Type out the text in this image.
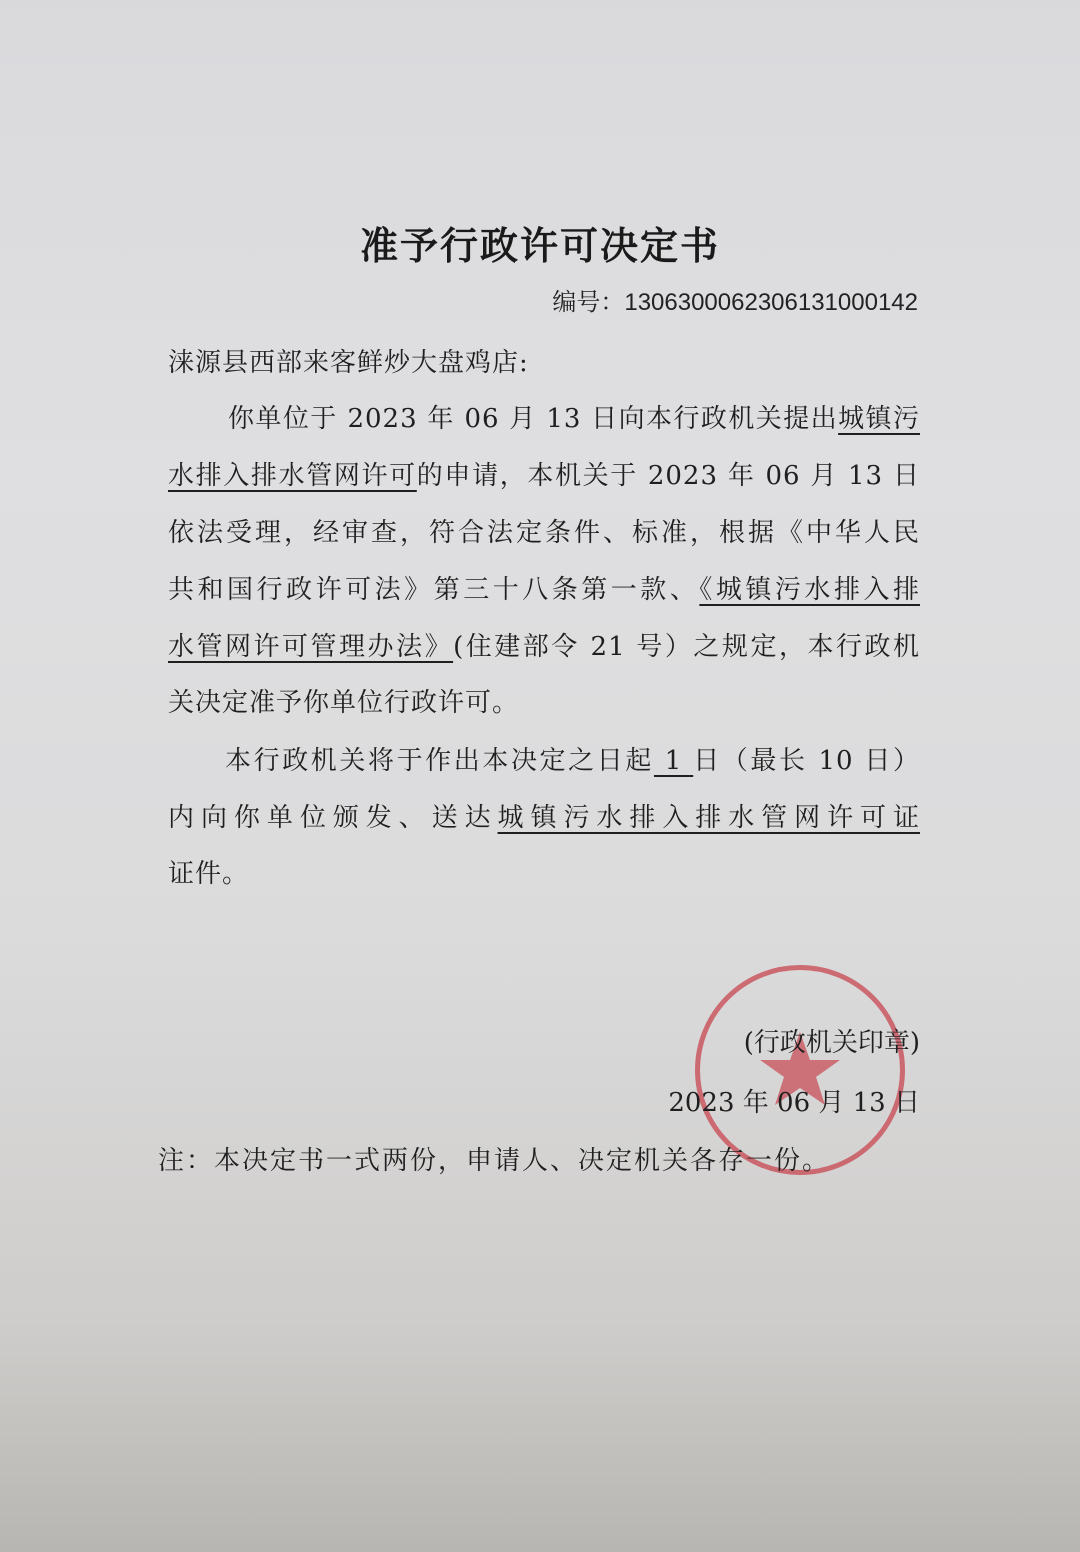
准予行政许可决定书
编号：1306300062306131000142
涞源县西部来客鲜炒大盘鸡店:
你单位于 2023 年 06 月 13 日向本行政机关提出城镇污
水排入排水管网许可的申请，本机关于 2023 年 06 月 13 日
依法受理，经审查，符合法定条件、标准，根据《中华人民
共和国行政许可法》第三十八条第一款、《城镇污水排入排
水管网许可管理办法》(住建部令 21 号）之规定，本行政机
关决定准予你单位行政许可。
本行政机关将于作出本决定之日起 1 日（最长 10 日）
内向你单位颁发、送达城镇污水排入排水管网许可证
证件。
(行政机关印章)
2023 年 06 月 13 日
注：本决定书一式两份，申请人、决定机关各存一份。
